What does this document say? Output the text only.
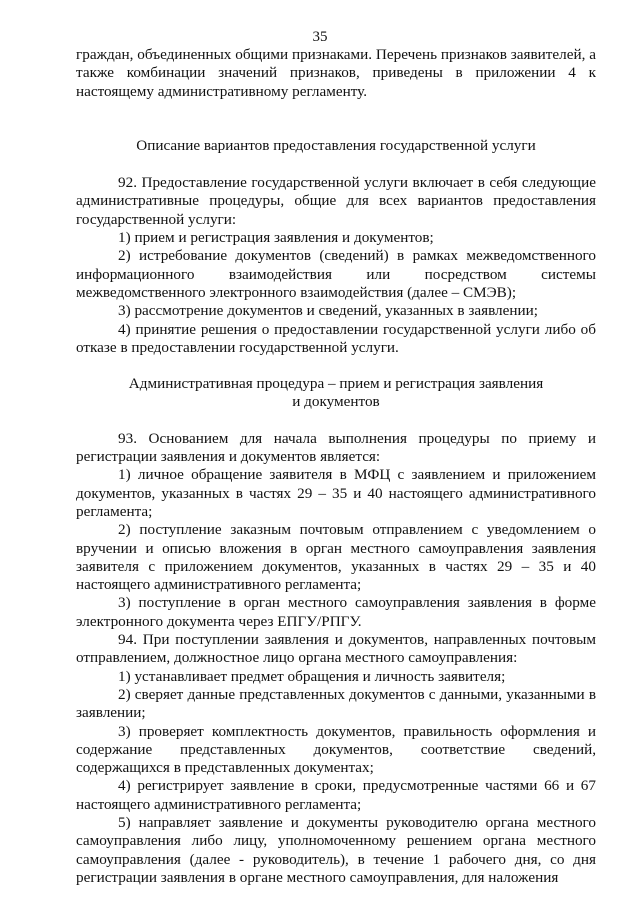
35

граждан, объединенных общими признаками. Перечень признаков заявителей, а также комбинации значений признаков, приведены в приложении 4 к настоящему административному регламенту.

Описание вариантов предоставления государственной услуги

92. Предоставление государственной услуги включает в себя следующие административные процедуры, общие для всех вариантов предоставления государственной услуги:

1) прием и регистрация заявления и документов;

2) истребование документов (сведений) в рамках межведомственного информационного взаимодействия или посредством системы межведомственного электронного взаимодействия (далее – СМЭВ);

3) рассмотрение документов и сведений, указанных в заявлении;

4) принятие решения о предоставлении государственной услуги либо об отказе в предоставлении государственной услуги.

Административная процедура – прием и регистрация заявления
и документов

93. Основанием для начала выполнения процедуры по приему и регистрации заявления и документов является:

1) личное обращение заявителя в МФЦ с заявлением и приложением документов, указанных в частях 29 – 35 и 40 настоящего административного регламента;

2) поступление заказным почтовым отправлением с уведомлением о вручении и описью вложения в орган местного самоуправления заявления заявителя с приложением документов, указанных в частях 29 – 35 и 40 настоящего административного регламента;

3) поступление в орган местного самоуправления заявления в форме электронного документа через ЕПГУ/РПГУ.

94. При поступлении заявления и документов, направленных почтовым отправлением, должностное лицо органа местного самоуправления:

1) устанавливает предмет обращения и личность заявителя;

2) сверяет данные представленных документов с данными, указанными в заявлении;

3) проверяет комплектность документов, правильность оформления и содержание представленных документов, соответствие сведений, содержащихся в представленных документах;

4) регистрирует заявление в сроки, предусмотренные частями 66 и 67 настоящего административного регламента;

5) направляет заявление и документы руководителю органа местного самоуправления либо лицу, уполномоченному решением органа местного самоуправления (далее - руководитель), в течение 1 рабочего дня, со дня регистрации заявления в органе местного самоуправления, для наложения
